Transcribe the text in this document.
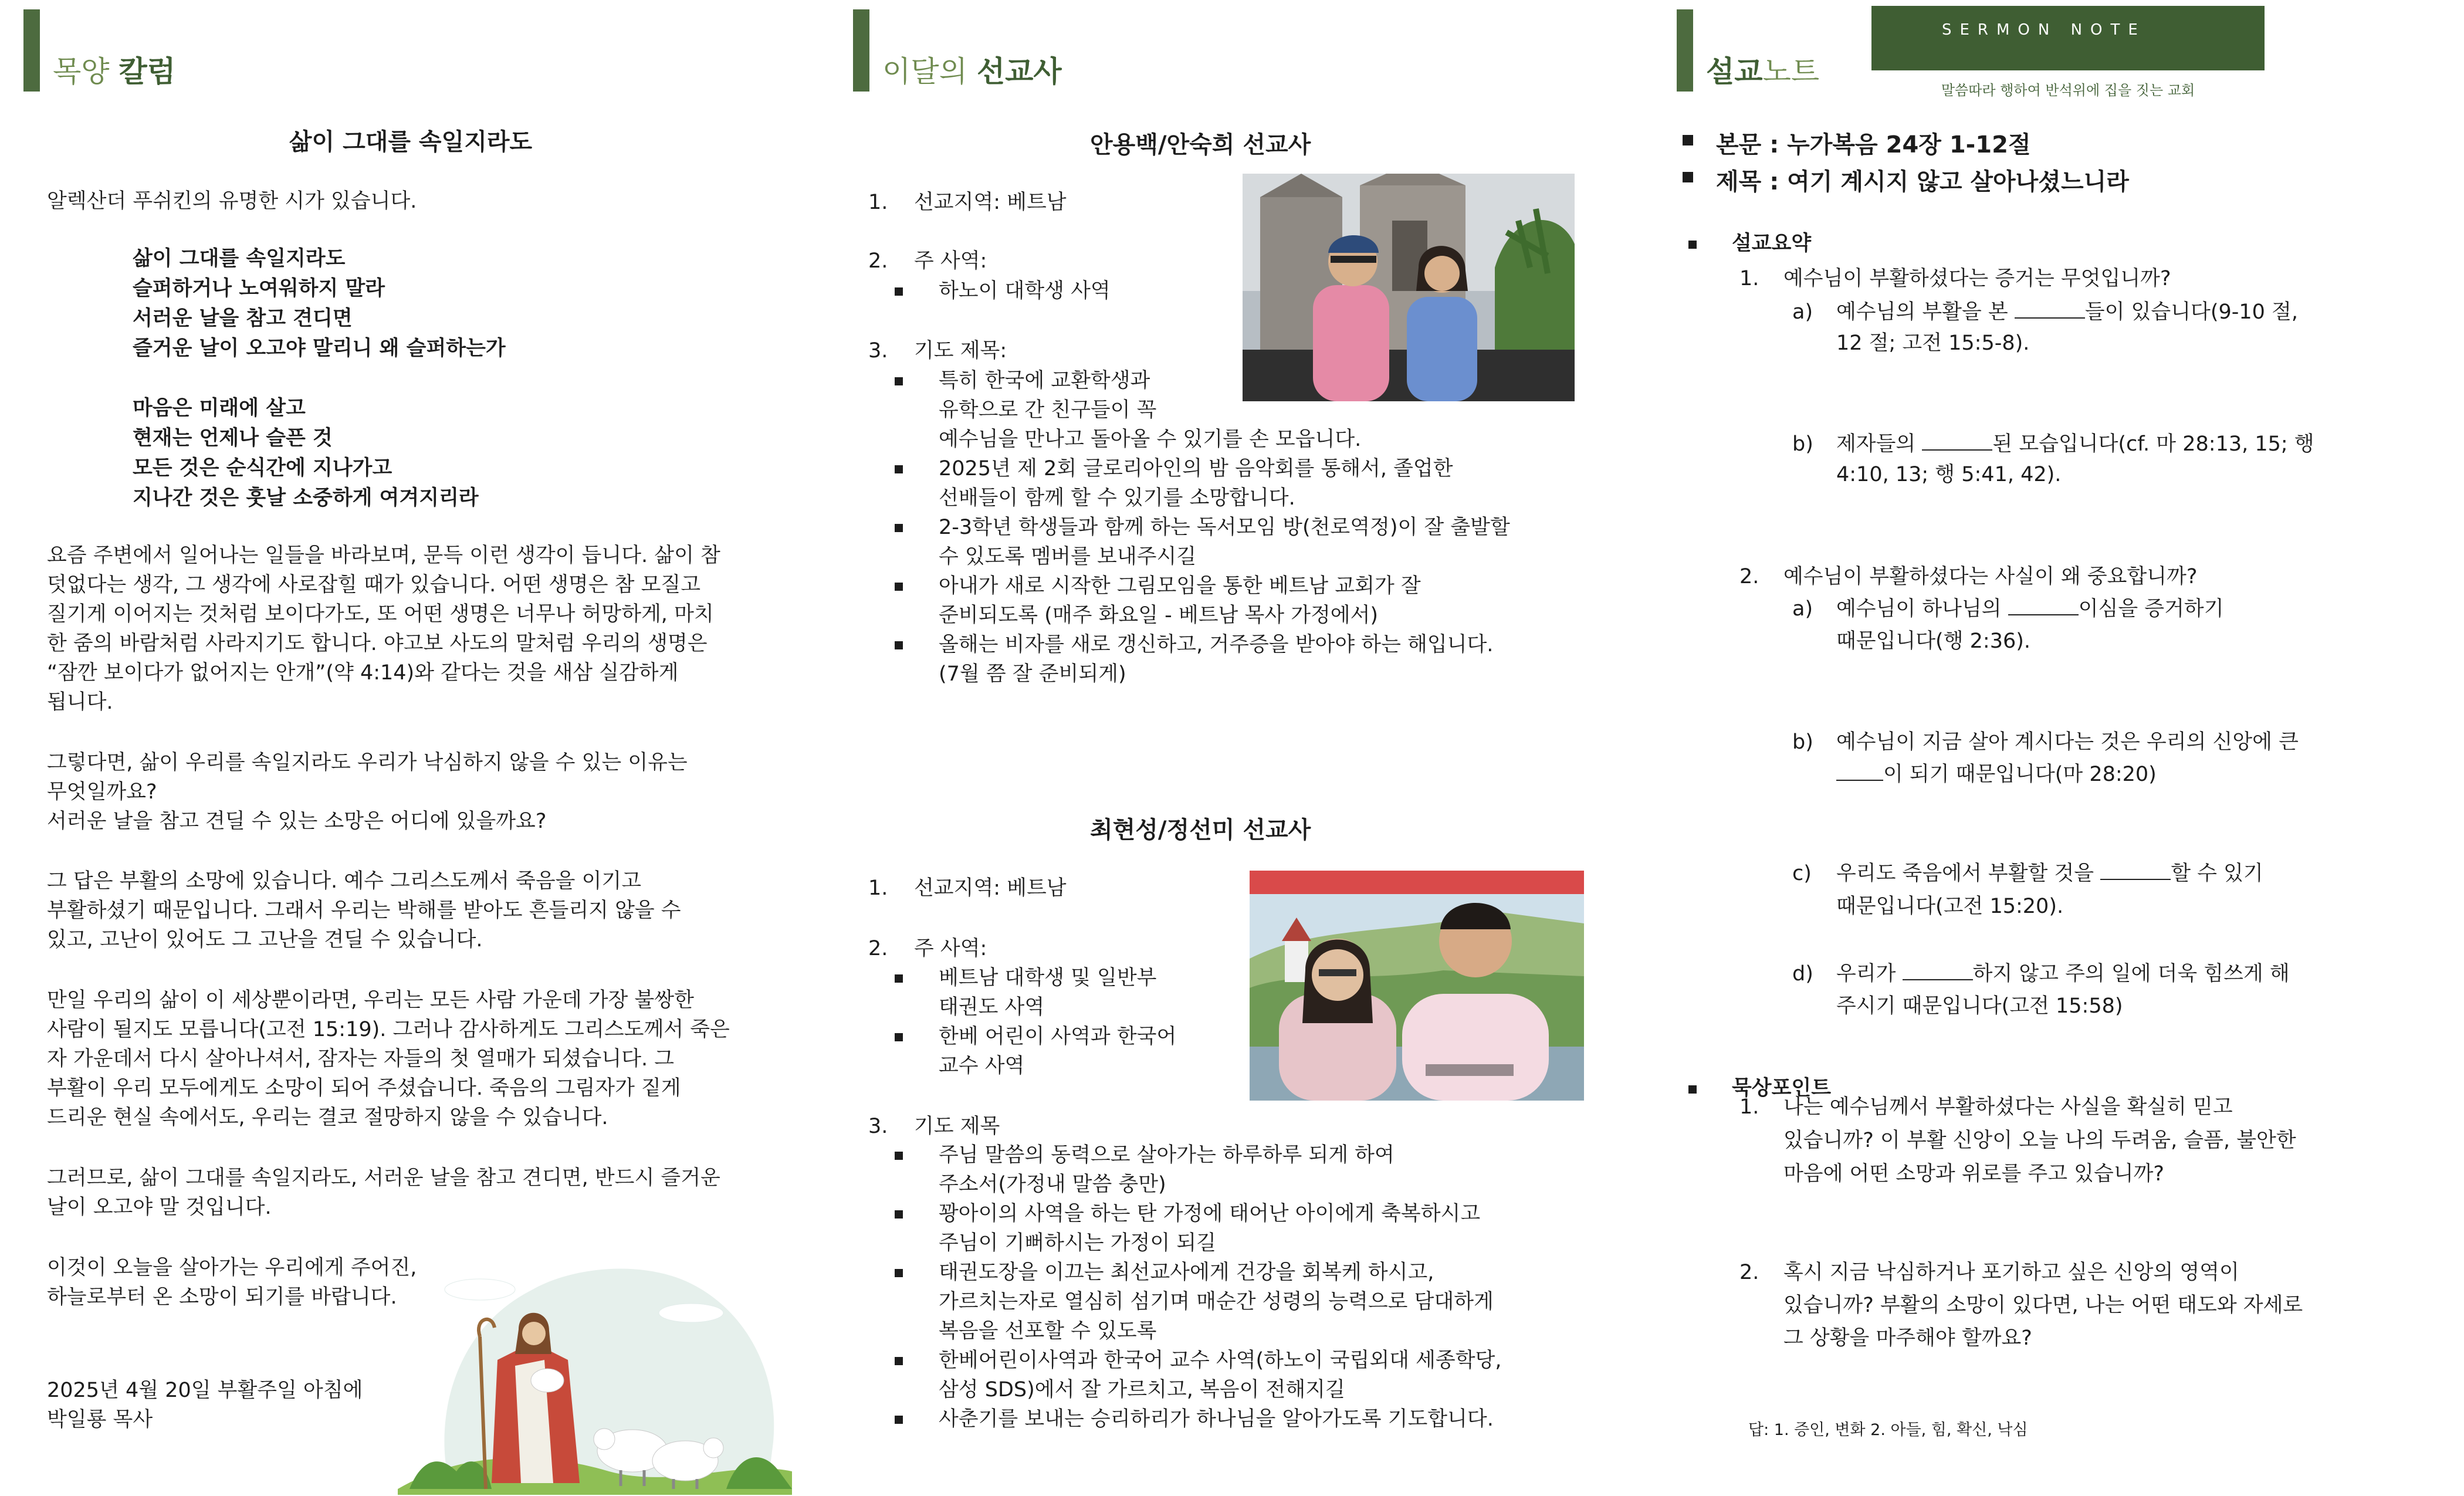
목양 칼럼
삶이 그대를 속일지라도
알렉산더 푸쉬킨의 유명한 시가 있습니다.
삶이 그대를 속일지라도
슬퍼하거나 노여워하지 말라
서러운 날을 참고 견디면
즐거운 날이 오고야 말리니 왜 슬퍼하는가
마음은 미래에 살고
현재는 언제나 슬픈 것
모든 것은 순식간에 지나가고
지나간 것은 훗날 소중하게 여겨지리라
요즘 주변에서 일어나는 일들을 바라보며, 문득 이런 생각이 듭니다. 삶이 참
덧없다는 생각, 그 생각에 사로잡힐 때가 있습니다. 어떤 생명은 참 모질고
질기게 이어지는 것처럼 보이다가도, 또 어떤 생명은 너무나 허망하게, 마치
한 줌의 바람처럼 사라지기도 합니다. 야고보 사도의 말처럼 우리의 생명은
“잠깐 보이다가 없어지는 안개”(약 4:14)와 같다는 것을 새삼 실감하게
됩니다.
그렇다면, 삶이 우리를 속일지라도 우리가 낙심하지 않을 수 있는 이유는
무엇일까요?
서러운 날을 참고 견딜 수 있는 소망은 어디에 있을까요?
그 답은 부활의 소망에 있습니다. 예수 그리스도께서 죽음을 이기고
부활하셨기 때문입니다. 그래서 우리는 박해를 받아도 흔들리지 않을 수
있고, 고난이 있어도 그 고난을 견딜 수 있습니다.
만일 우리의 삶이 이 세상뿐이라면, 우리는 모든 사람 가운데 가장 불쌍한
사람이 될지도 모릅니다(고전 15:19). 그러나 감사하게도 그리스도께서 죽은
자 가운데서 다시 살아나셔서, 잠자는 자들의 첫 열매가 되셨습니다. 그
부활이 우리 모두에게도 소망이 되어 주셨습니다. 죽음의 그림자가 짙게
드리운 현실 속에서도, 우리는 결코 절망하지 않을 수 있습니다.
그러므로, 삶이 그대를 속일지라도, 서러운 날을 참고 견디면, 반드시 즐거운
날이 오고야 말 것입니다.
이것이 오늘을 살아가는 우리에게 주어진,
하늘로부터 온 소망이 되기를 바랍니다.
2025년 4월 20일 부활주일 아침에
박일룡 목사
이달의 선교사
안용백/안숙희 선교사
1. 선교지역: 베트남
2. 주 사역:
하노이 대학생 사역
3. 기도 제목:
특히 한국에 교환학생과
유학으로 간 친구들이 꼭
예수님을 만나고 돌아올 수 있기를 손 모읍니다.
2025년 제 2회 글로리아인의 밤 음악회를 통해서, 졸업한
선배들이 함께 할 수 있기를 소망합니다.
2-3학년 학생들과 함께 하는 독서모임 방(천로역정)이 잘 출발할
수 있도록 멤버를 보내주시길
아내가 새로 시작한 그림모임을 통한 베트남 교회가 잘
준비되도록 (매주 화요일 - 베트남 목사 가정에서)
올해는 비자를 새로 갱신하고, 거주증을 받아야 하는 해입니다.
(7월 쯤 잘 준비되게)
최현성/정선미 선교사
1. 선교지역: 베트남
2. 주 사역:
베트남 대학생 및 일반부
태권도 사역
한베 어린이 사역과 한국어
교수 사역
3. 기도 제목
주님 말씀의 동력으로 살아가는 하루하루 되게 하여
주소서(가정내 말씀 충만)
꽝아이의 사역을 하는 탄 가정에 태어난 아이에게 축복하시고
주님이 기뻐하시는 가정이 되길
태권도장을 이끄는 최선교사에게 건강을 회복케 하시고,
가르치는자로 열심히 섬기며 매순간 성령의 능력으로 담대하게
복음을 선포할 수 있도록
한베어린이사역과 한국어 교수 사역(하노이 국립외대 세종학당,
삼성 SDS)에서 잘 가르치고, 복음이 전해지길
사춘기를 보내는 승리하리가 하나님을 알아가도록 기도합니다.
설교노트
SERMON NOTE
말씀따라 행하여 반석위에 집을 짓는 교회
본문 : 누가복음 24장 1-12절
제목 : 여기 계시지 않고 살아나셨느니라
설교요약
1. 예수님이 부활하셨다는 증거는 무엇입니까?
a) 예수님의 부활을 본	들이 있습니다(9-10 절,
12 절; 고전 15:5-8).
b) 제자들의	된 모습입니다(cf. 마 28:13, 15; 행
4:10, 13; 행 5:41, 42).
2. 예수님이 부활하셨다는 사실이 왜 중요합니까?
a) 예수님이 하나님의	이심을 증거하기
때문입니다(행 2:36).
b) 예수님이 지금 살아 계시다는 것은 우리의 신앙에 큰
이 되기 때문입니다(마 28:20)
c) 우리도 죽음에서 부활할 것을	할 수 있기
때문입니다(고전 15:20).
d) 우리가	하지 않고 주의 일에 더욱 힘쓰게 해
주시기 때문입니다(고전 15:58)
묵상포인트
1. 나는 예수님께서 부활하셨다는 사실을 확실히 믿고
있습니까? 이 부활 신앙이 오늘 나의 두려움, 슬픔, 불안한
마음에 어떤 소망과 위로를 주고 있습니까?
2. 혹시 지금 낙심하거나 포기하고 싶은 신앙의 영역이
있습니까? 부활의 소망이 있다면, 나는 어떤 태도와 자세로
그 상황을 마주해야 할까요?
답: 1. 증인, 변화 2. 아들, 힘, 확신, 낙심
